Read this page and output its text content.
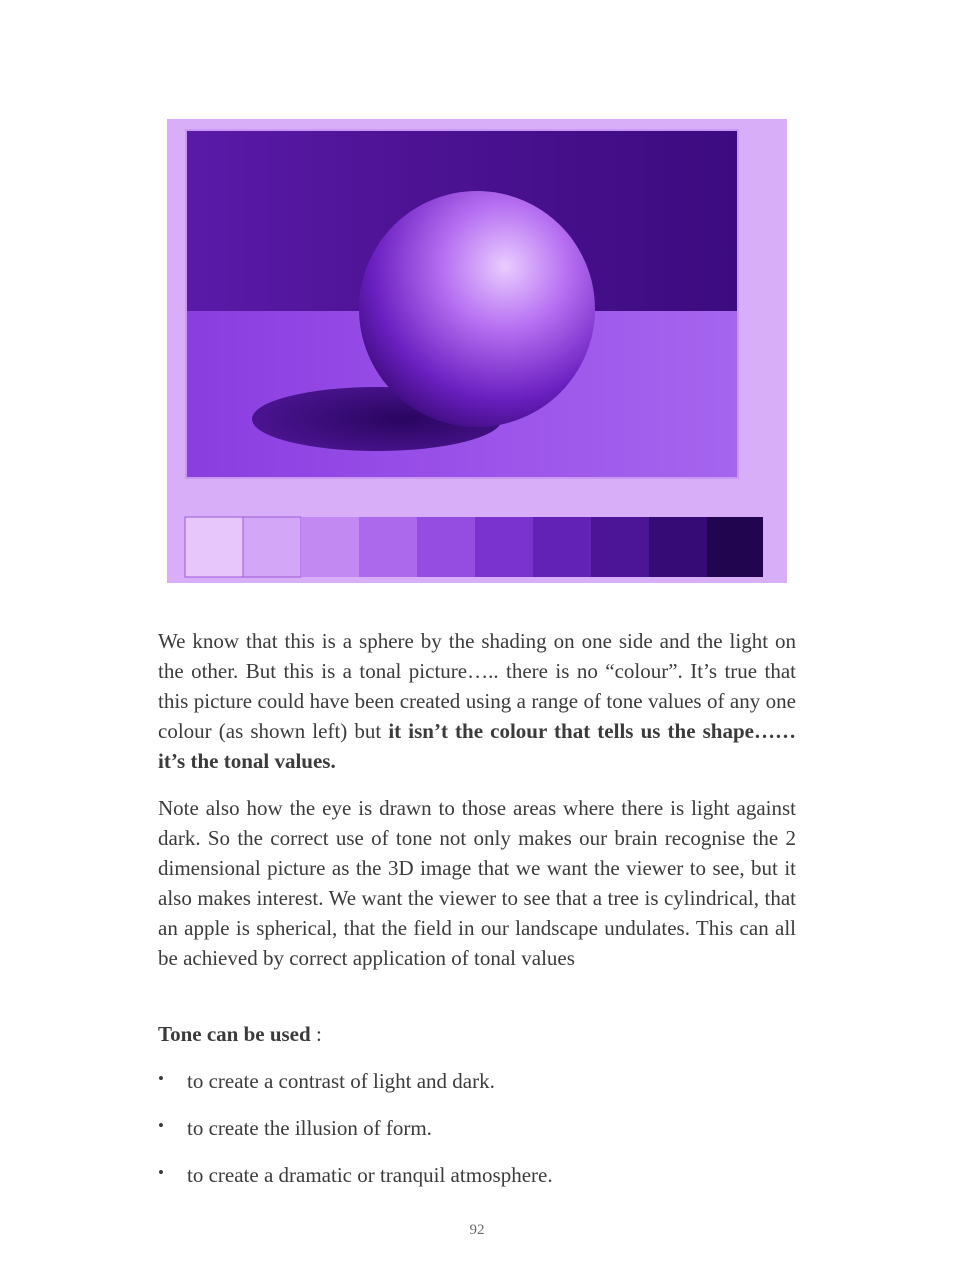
We know that this is a sphere by the shading on one side and the light on the other. But this is a tonal picture….. there is no “colour”. It’s true that this picture could have been created using a range of tone values of any one colour (as shown left) but it isn’t the colour that tells us the shape…… it’s the tonal values.

Note also how the eye is drawn to those areas where there is light against dark. So the correct use of tone not only makes our brain recognise the 2 dimensional picture as the 3D image that we want the viewer to see, but it also makes interest. We want the viewer to see that a tree is cylindrical, that an apple is spherical, that the field in our landscape undulates. This can all be achieved by correct application of tonal values

Tone can be used :

• to create a contrast of light and dark.
• to create the illusion of form.
• to create a dramatic or tranquil atmosphere.
92
